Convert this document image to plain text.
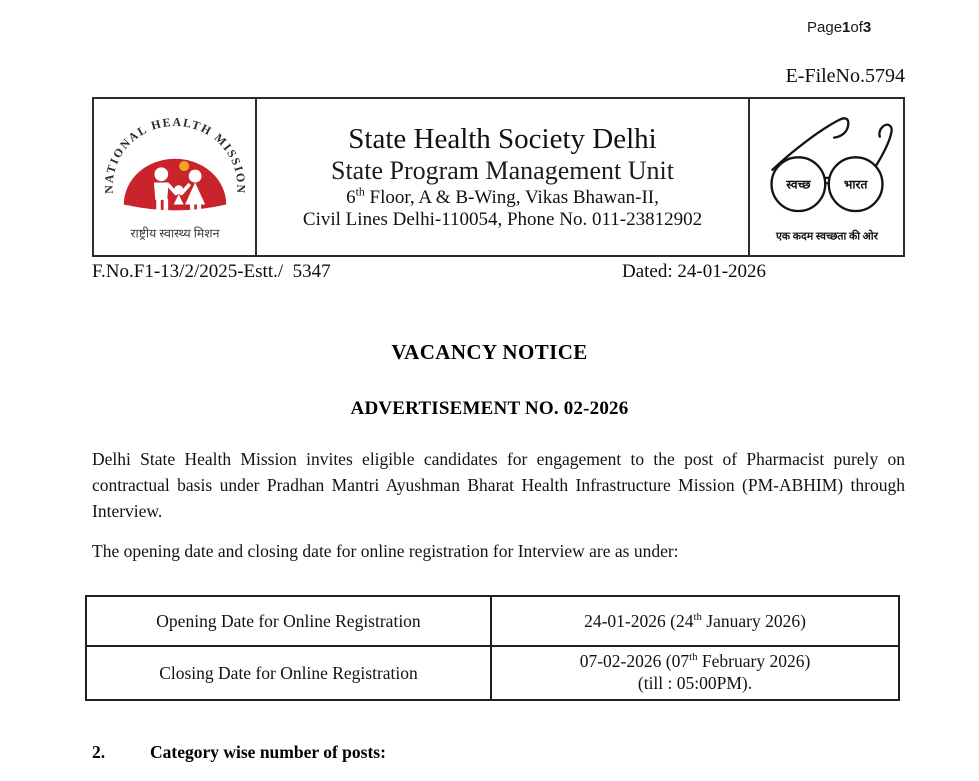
Page1of3
E-FileNo.5794
NATIONAL HEALTH MISSION
राष्ट्रीय स्वास्थ्य मिशन
State Health Society Delhi
State Program Management Unit
6th Floor, A & B-Wing, Vikas Bhawan-II,
Civil Lines Delhi-110054, Phone No. 011-23812902
स्वच्छ भारत
एक कदम स्वच्छता की ओर
F.No.F1-13/2/2025-Estt./  5347	Dated: 24-01-2026
VACANCY NOTICE
ADVERTISEMENT NO. 02-2026

Delhi State Health Mission invites eligible candidates for engagement to the post of Pharmacist purely on contractual basis under Pradhan Mantri Ayushman Bharat Health Infrastructure Mission (PM-ABHIM) through Interview.

The opening date and closing date for online registration for Interview are as under:

Opening Date for Online Registration	24-01-2026 (24th January 2026)
Closing Date for Online Registration	07-02-2026 (07th February 2026)
(till : 05:00PM).
2.	Category wise number of posts:
